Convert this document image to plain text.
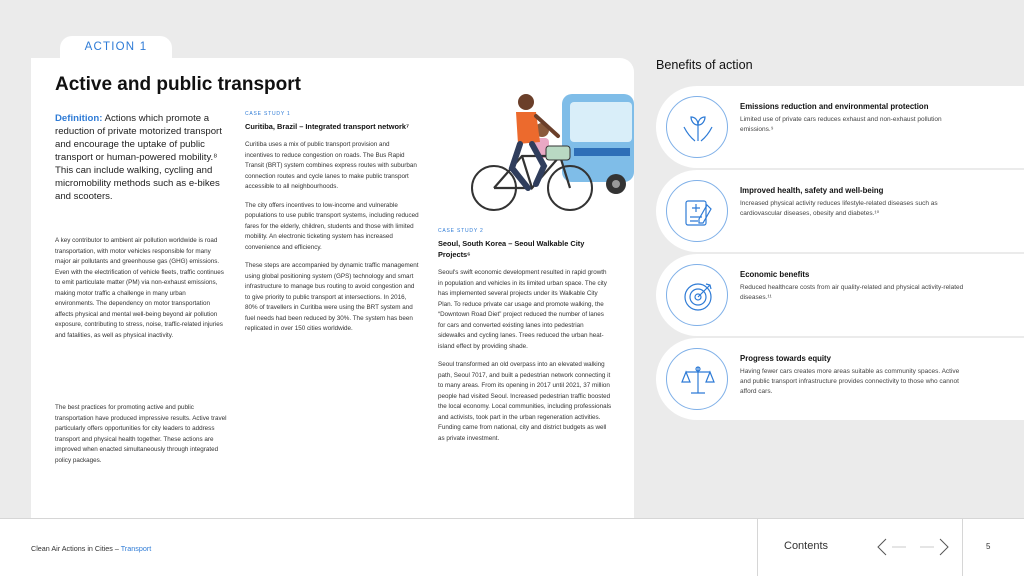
ACTION 1
Active and public transport
Definition: Actions which promote a reduction of private motorized transport and encourage the uptake of public transport or human-powered mobility.⁸ This can include walking, cycling and micromobility methods such as e-bikes and scooters.
A key contributor to ambient air pollution worldwide is road transportation, with motor vehicles responsible for many major air pollutants and greenhouse gas (GHG) emissions. Even with the electrification of vehicle fleets, traffic continues to emit particulate matter (PM) via non-exhaust emissions, making motor traffic a challenge in many urban environments. The dependency on motor transportation affects physical and mental well-being beyond air pollution exposure, contributing to stress, noise, traffic-related injuries and fatalities, as well as physical inactivity.
The best practices for promoting active and public transportation have produced impressive results. Active travel particularly offers opportunities for city leaders to address transport and physical health together. These actions are improved when enacted simultaneously through integrated policy packages.
CASE STUDY 1
Curitiba, Brazil – Integrated transport network⁷
Curitiba uses a mix of public transport provision and incentives to reduce congestion on roads. The Bus Rapid Transit (BRT) system combines express routes with suburban connection routes and cycle lanes to make public transport accessible to all neighbourhoods.
The city offers incentives to low-income and vulnerable populations to use public transport systems, including reduced fares for the elderly, children, students and those with limited mobility. An electronic ticketing system has increased convenience and efficiency.
These steps are accompanied by dynamic traffic management using global positioning system (GPS) technology and smart infrastructure to manage bus routing to avoid congestion and to give priority to public transport at intersections. In 2016, 80% of travellers in Curitiba were using the BRT system and fuel needs had been reduced by 30%. The system has been replicated in over 150 cities worldwide.
CASE STUDY 2
Seoul, South Korea – Seoul Walkable City Projects⁶
Seoul's swift economic development resulted in rapid growth in population and vehicles in its limited urban space. The city has implemented several projects under its Walkable City Plan. To reduce private car usage and promote walking, the “Downtown Road Diet” project reduced the number of lanes for cars and converted existing lanes into pedestrian sidewalks and cycling lanes. Trees reduced the urban heat-island effect by providing shade.
Seoul transformed an old overpass into an elevated walking path, Seoul 7017, and built a pedestrian network connecting it to many areas. From its opening in 2017 until 2021, 37 million people had visited Seoul. Increased pedestrian traffic boosted the local economy. Local communities, including professionals and activists, took part in the urban regeneration activities. Funding came from national, city and district budgets as well as private investment.
Benefits of action
Emissions reduction and environmental protection
Limited use of private cars reduces exhaust and non-exhaust pollution emissions.⁹
Improved health, safety and well-being
Increased physical activity reduces lifestyle-related diseases such as cardiovascular diseases, obesity and diabetes.¹⁰
Economic benefits
Reduced healthcare costs from air quality-related and physical activity-related diseases.¹¹
Progress towards equity
Having fewer cars creates more areas suitable as community spaces. Active and public transport infrastructure provides connectivity to those who cannot afford cars.
Clean Air Actions in Cities – Transport	Contents	5
